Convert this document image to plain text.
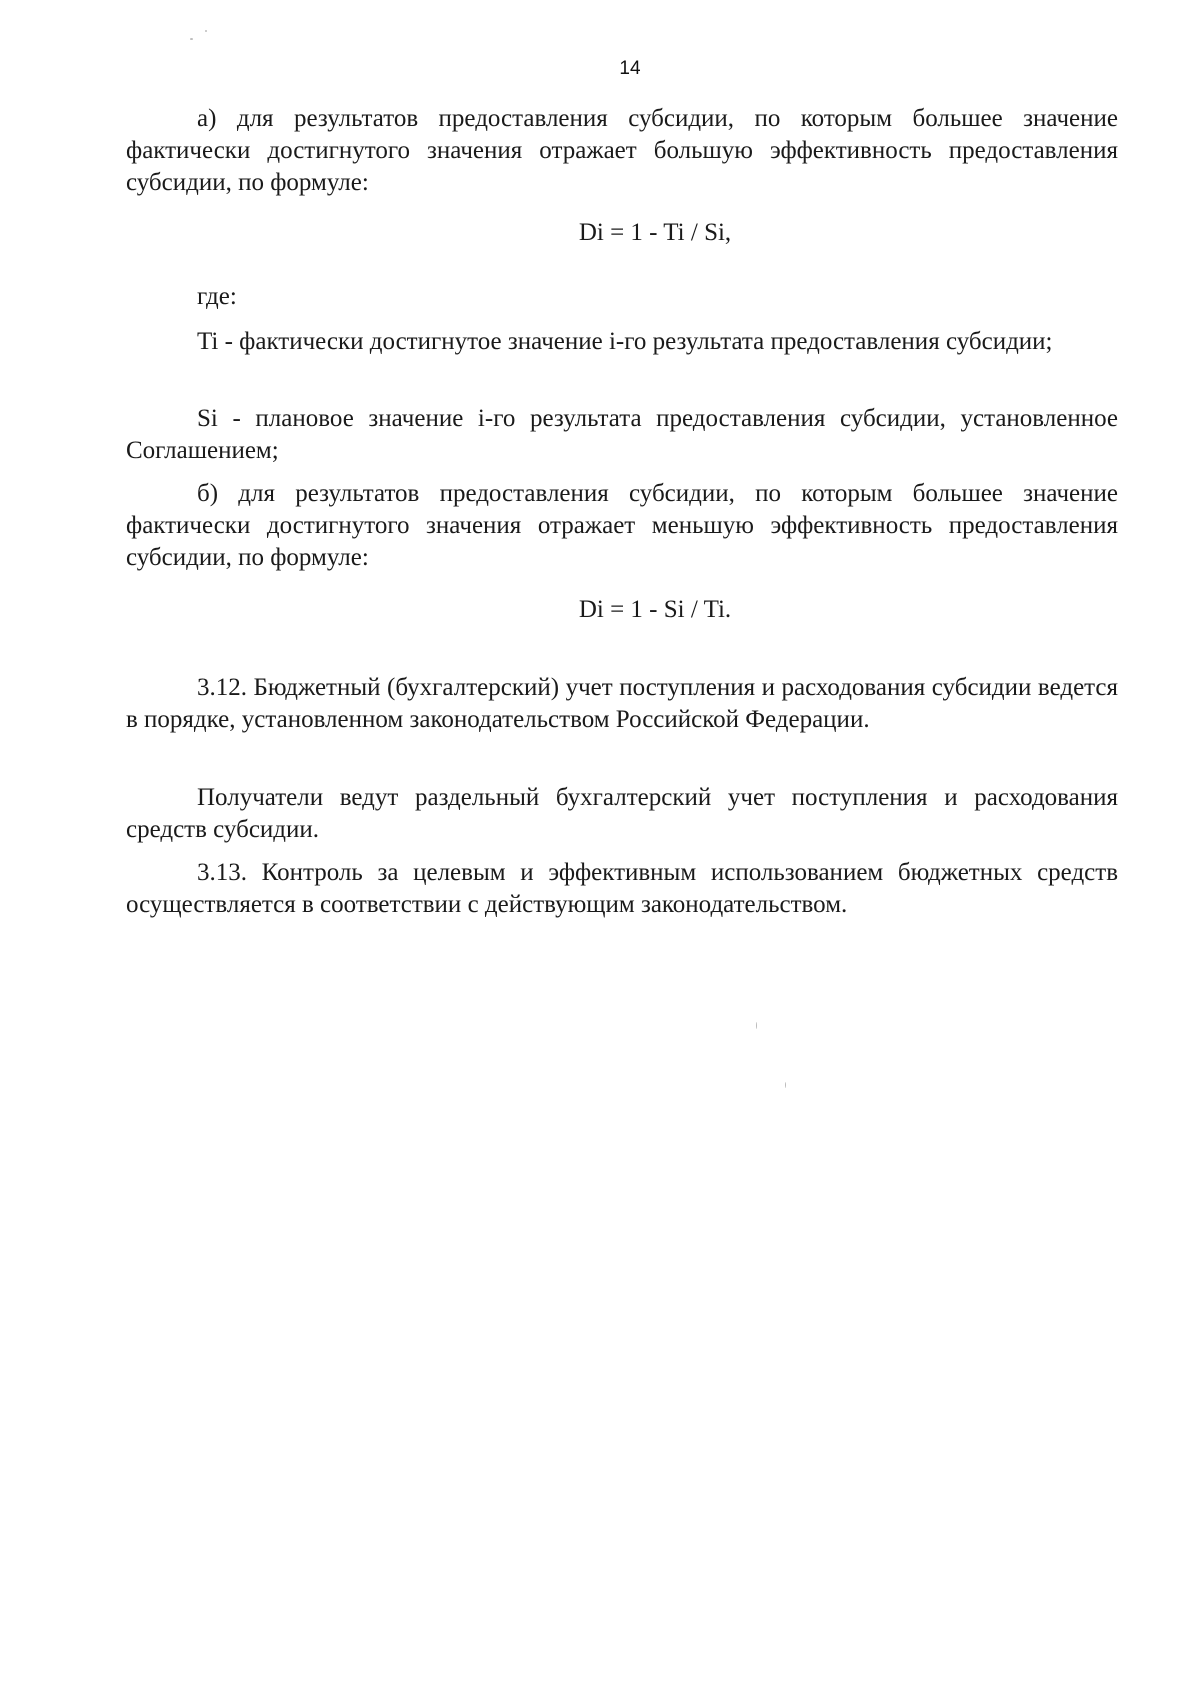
14

а) для результатов предоставления субсидии, по которым большее значение фактически достигнутого значения отражает большую эффективность предоставления субсидии, по формуле:

Di = 1 - Ti / Si,

где:

Ti - фактически достигнутое значение i-го результата предоставления субсидии;

Si - плановое значение i-го результата предоставления субсидии, установленное Соглашением;

б) для результатов предоставления субсидии, по которым большее значение фактически достигнутого значения отражает меньшую эффективность предоставления субсидии, по формуле:

Di = 1 - Si / Ti.

3.12. Бюджетный (бухгалтерский) учет поступления и расходования субсидии ведется в порядке, установленном законодательством Российской Федерации.

Получатели ведут раздельный бухгалтерский учет поступления и расходования средств субсидии.

3.13. Контроль за целевым и эффективным использованием бюджетных средств осуществляется в соответствии с действующим законодательством.
